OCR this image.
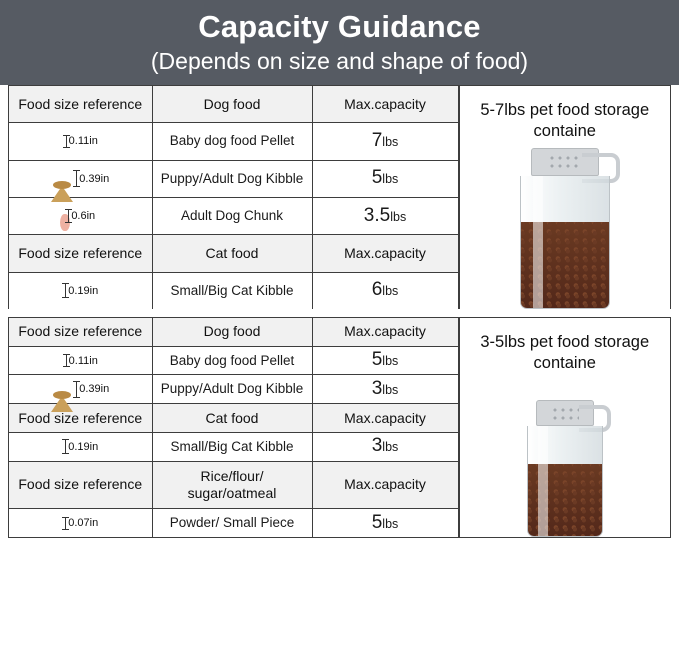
Capacity Guidance
(Depends on size and shape of food)
Food size reference	Dog food	Max.capacity

0.11in	Baby dog food Pellet	7lbs

0.39in	Puppy/Adult Dog Kibble	5lbs

0.6in	Adult Dog Chunk	3.5lbs
Food size reference	Cat food	Max.capacity

0.19in	Small/Big Cat Kibble	6lbs
5-7lbs pet food storage containe
Food size reference	Dog food	Max.capacity

0.11in	Baby dog food Pellet	5lbs

0.39in	Puppy/Adult Dog Kibble	3lbs
Food size reference	Cat food	Max.capacity

0.19in	Small/Big Cat Kibble	3lbs
Food size reference	Rice/flour/ sugar/oatmeal	Max.capacity

0.07in	Powder/ Small Piece	5lbs
3-5lbs pet food storage containe
